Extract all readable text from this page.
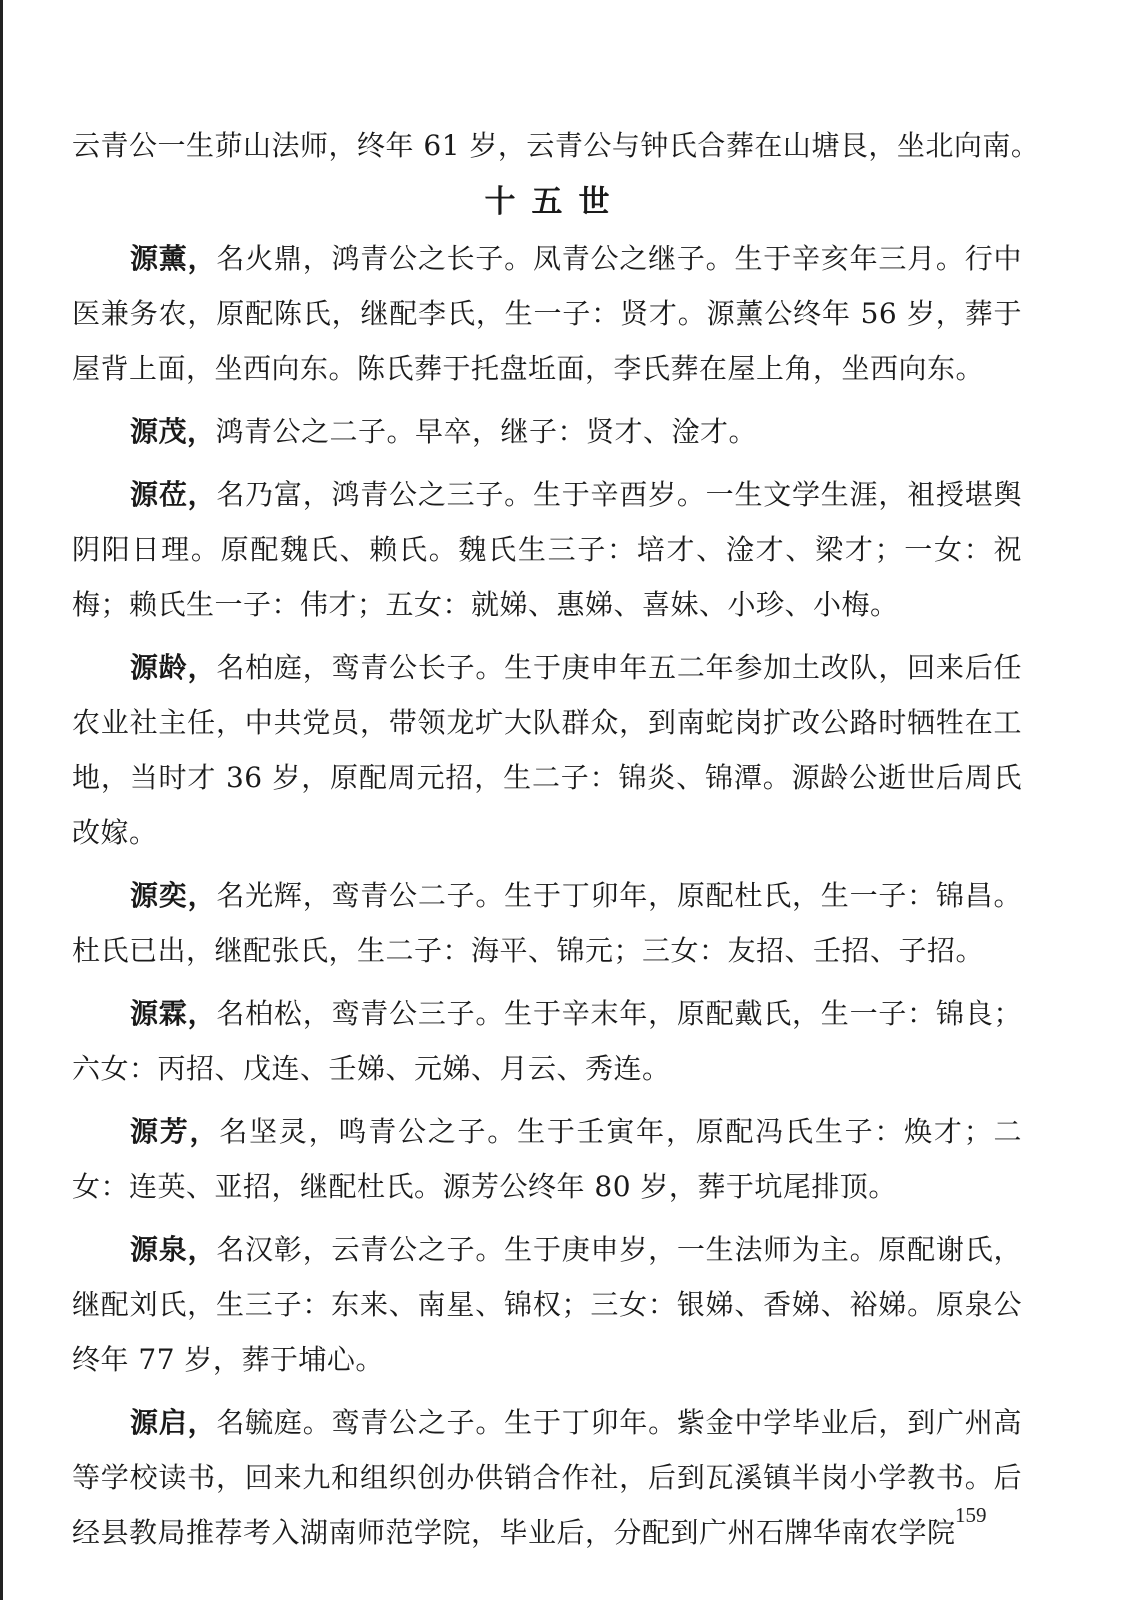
云青公一生茆山法师，终年 61 岁，云青公与钟氏合葬在山塘艮，坐北向南。

十五世

源薰，名火鼎，鸿青公之长子。凤青公之继子。生于辛亥年三月。行中医兼务农，原配陈氏，继配李氏，生一子：贤才。源薰公终年 56 岁，葬于屋背上面，坐西向东。陈氏葬于托盘坵面，李氏葬在屋上角，坐西向东。

源茂，鸿青公之二子。早卒，继子：贤才、淦才。

源莅，名乃富，鸿青公之三子。生于辛酉岁。一生文学生涯，袓授堪舆阴阳日理。原配魏氏、赖氏。魏氏生三子：培才、淦才、梁才；一女：祝梅；赖氏生一子：伟才；五女：就娣、惠娣、喜妹、小珍、小梅。

源龄，名柏庭，鸾青公长子。生于庚申年五二年参加土改队，回来后任农业社主任，中共党员，带领龙圹大队群众，到南蛇岗扩改公路时牺牲在工地，当时才 36 岁，原配周元招，生二子：锦炎、锦潭。源龄公逝世后周氏改嫁。

源奕，名光辉，鸾青公二子。生于丁卯年，原配杜氏，生一子：锦昌。杜氏已出，继配张氏，生二子：海平、锦元；三女：友招、壬招、子招。

源霖，名柏松，鸾青公三子。生于辛末年，原配戴氏，生一子：锦良；六女：丙招、戊连、壬娣、元娣、月云、秀连。

源芳，名坚灵，鸣青公之子。生于壬寅年，原配冯氏生子：焕才；二女：连英、亚招，继配杜氏。源芳公终年 80 岁，葬于坑尾排顶。

源泉，名汉彰，云青公之子。生于庚申岁，一生法师为主。原配谢氏，继配刘氏，生三子：东来、南星、锦权；三女：银娣、香娣、裕娣。原泉公终年 77 岁，葬于埔心。

源启，名毓庭。鸾青公之子。生于丁卯年。紫金中学毕业后，到广州高等学校读书，回来九和组织创办供销合作社，后到瓦溪镇半岗小学教书。后经县教局推荐考入湖南师范学院，毕业后，分配到广州石牌华南农学院

159
